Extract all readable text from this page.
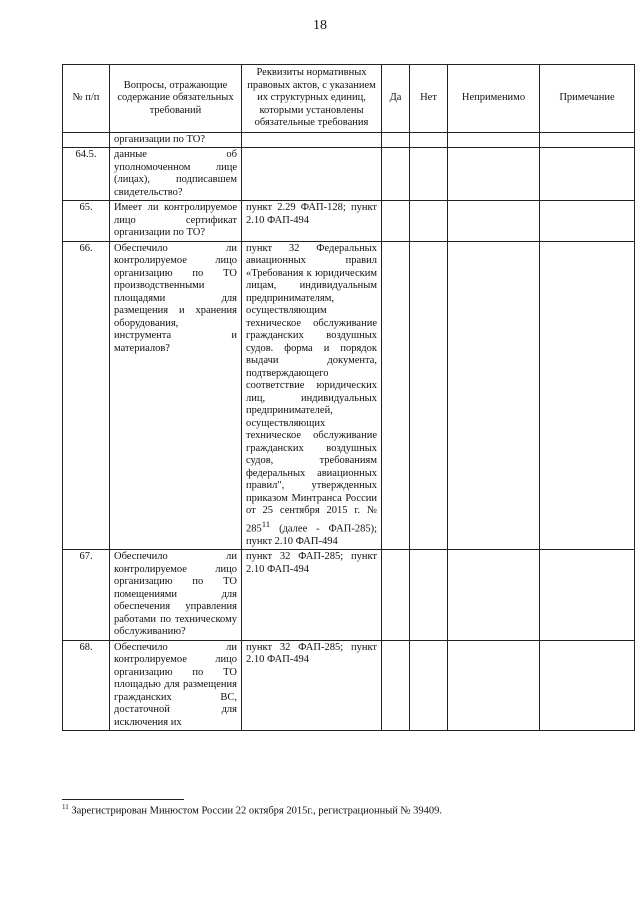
18
№ п/п	Вопросы, отражающие содержание обязательных требований	Реквизиты нормативных правовых актов, с указанием их структурных единиц, которыми установлены обязательные требования	Да	Нет	Неприменимо	Примечание
	организации по ТО?					
64.5.	данные об уполномоченном лице (лицах), подписавшем свидетельство?					
65.	Имеет ли контролируемое лицо сертификат организации по ТО?	пункт 2.29 ФАП-128; пункт 2.10 ФАП-494				
66.	Обеспечило ли контролируемое лицо организацию по ТО производственными площадями для размещения и хранения оборудования, инструмента и материалов?	пункт 32 Федеральных авиационных правил «Требования к юридическим лицам, индивидуальным предпринимателям, осуществляющим техническое обслуживание гражданских воздушных судов. форма и порядок выдачи документа, подтверждающего соответствие юридических лиц, индивидуальных предпринимателей, осуществляющих техническое обслуживание гражданских воздушных судов, требованиям федеральных авиационных правил", утвержденных приказом Минтранса России от 25 сентября 2015 г. № $285^{11}$ (далее - ФАП-285); пункт 2.10 ФАП-494				
67.	Обеспечило ли контролируемое лицо организацию по ТО помещениями для обеспечения управления работами по техническому обслуживанию?	пункт 32 ФАП-285; пункт 2.10 ФАП-494				
68.	Обеспечило ли контролируемое лицо организацию по ТО площадью для размещения гражданских ВС, достаточной для исключения их	пункт 32 ФАП-285; пункт 2.10 ФАП-494				
$^{11}$ Зарегистрирован Минюстом России 22 октября 2015г., регистрационный № 39409.
